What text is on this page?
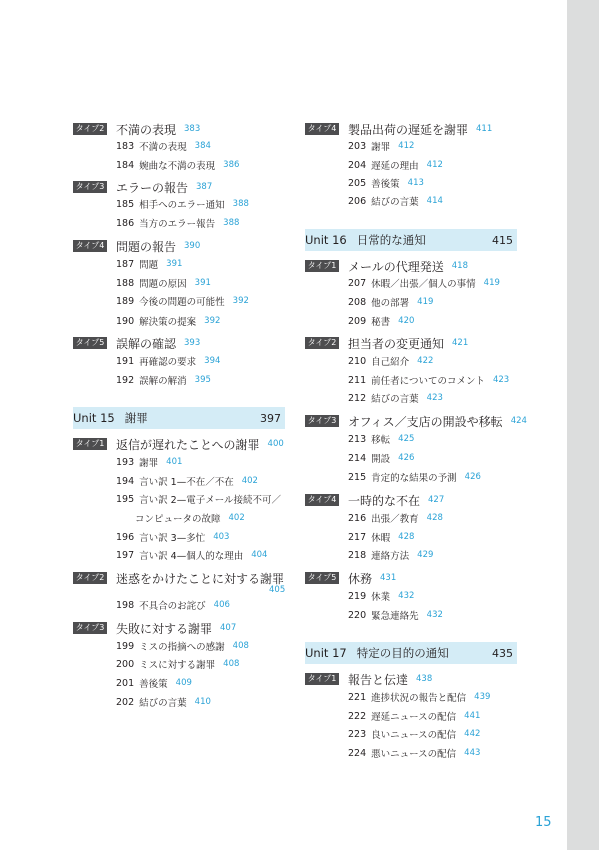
タイプ2 不満の表現 383
183 不満の表現 384
184 婉曲な不満の表現 386
タイプ3 エラーの報告 387
185 相手へのエラー通知 388
186 当方のエラー報告 388
タイプ4 問題の報告 390
187 問題 391
188 問題の原因 391
189 今後の問題の可能性 392
190 解決策の提案 392
タイプ5 誤解の確認 393
191 再確認の要求 394
192 誤解の解消 395
Unit 15 謝罪	397
タイプ1 返信が遅れたことへの謝罪 400
193 謝罪 401
194 言い訳 1—不在／不在 402
195 言い訳 2—電子メール接続不可／
コンピュータの故障 402
196 言い訳 3—多忙 403
197 言い訳 4—個人的な理由 404
タイプ2 迷惑をかけたことに対する謝罪
405
198 不具合のお詫び 406
タイプ3 失敗に対する謝罪 407
199 ミスの指摘への感謝 408
200 ミスに対する謝罪 408
201 善後策 409
202 結びの言葉 410
タイプ4 製品出荷の遅延を謝罪 411
203 謝罪 412
204 遅延の理由 412
205 善後策 413
206 結びの言葉 414
Unit 16 日常的な通知	415
タイプ1 メールの代理発送 418
207 休暇／出張／個人の事情 419
208 他の部署 419
209 秘書 420
タイプ2 担当者の変更通知 421
210 自己紹介 422
211 前任者についてのコメント 423
212 結びの言葉 423
タイプ3 オフィス／支店の開設や移転 424
213 移転 425
214 開設 426
215 肯定的な結果の予測 426
タイプ4 一時的な不在 427
216 出張／教育 428
217 休暇 428
218 連絡方法 429
タイプ5 休務 431
219 休業 432
220 緊急連絡先 432
Unit 17 特定の目的の通知	435
タイプ1 報告と伝達 438
221 進捗状況の報告と配信 439
222 遅延ニュースの配信 441
223 良いニュースの配信 442
224 悪いニュースの配信 443
15
